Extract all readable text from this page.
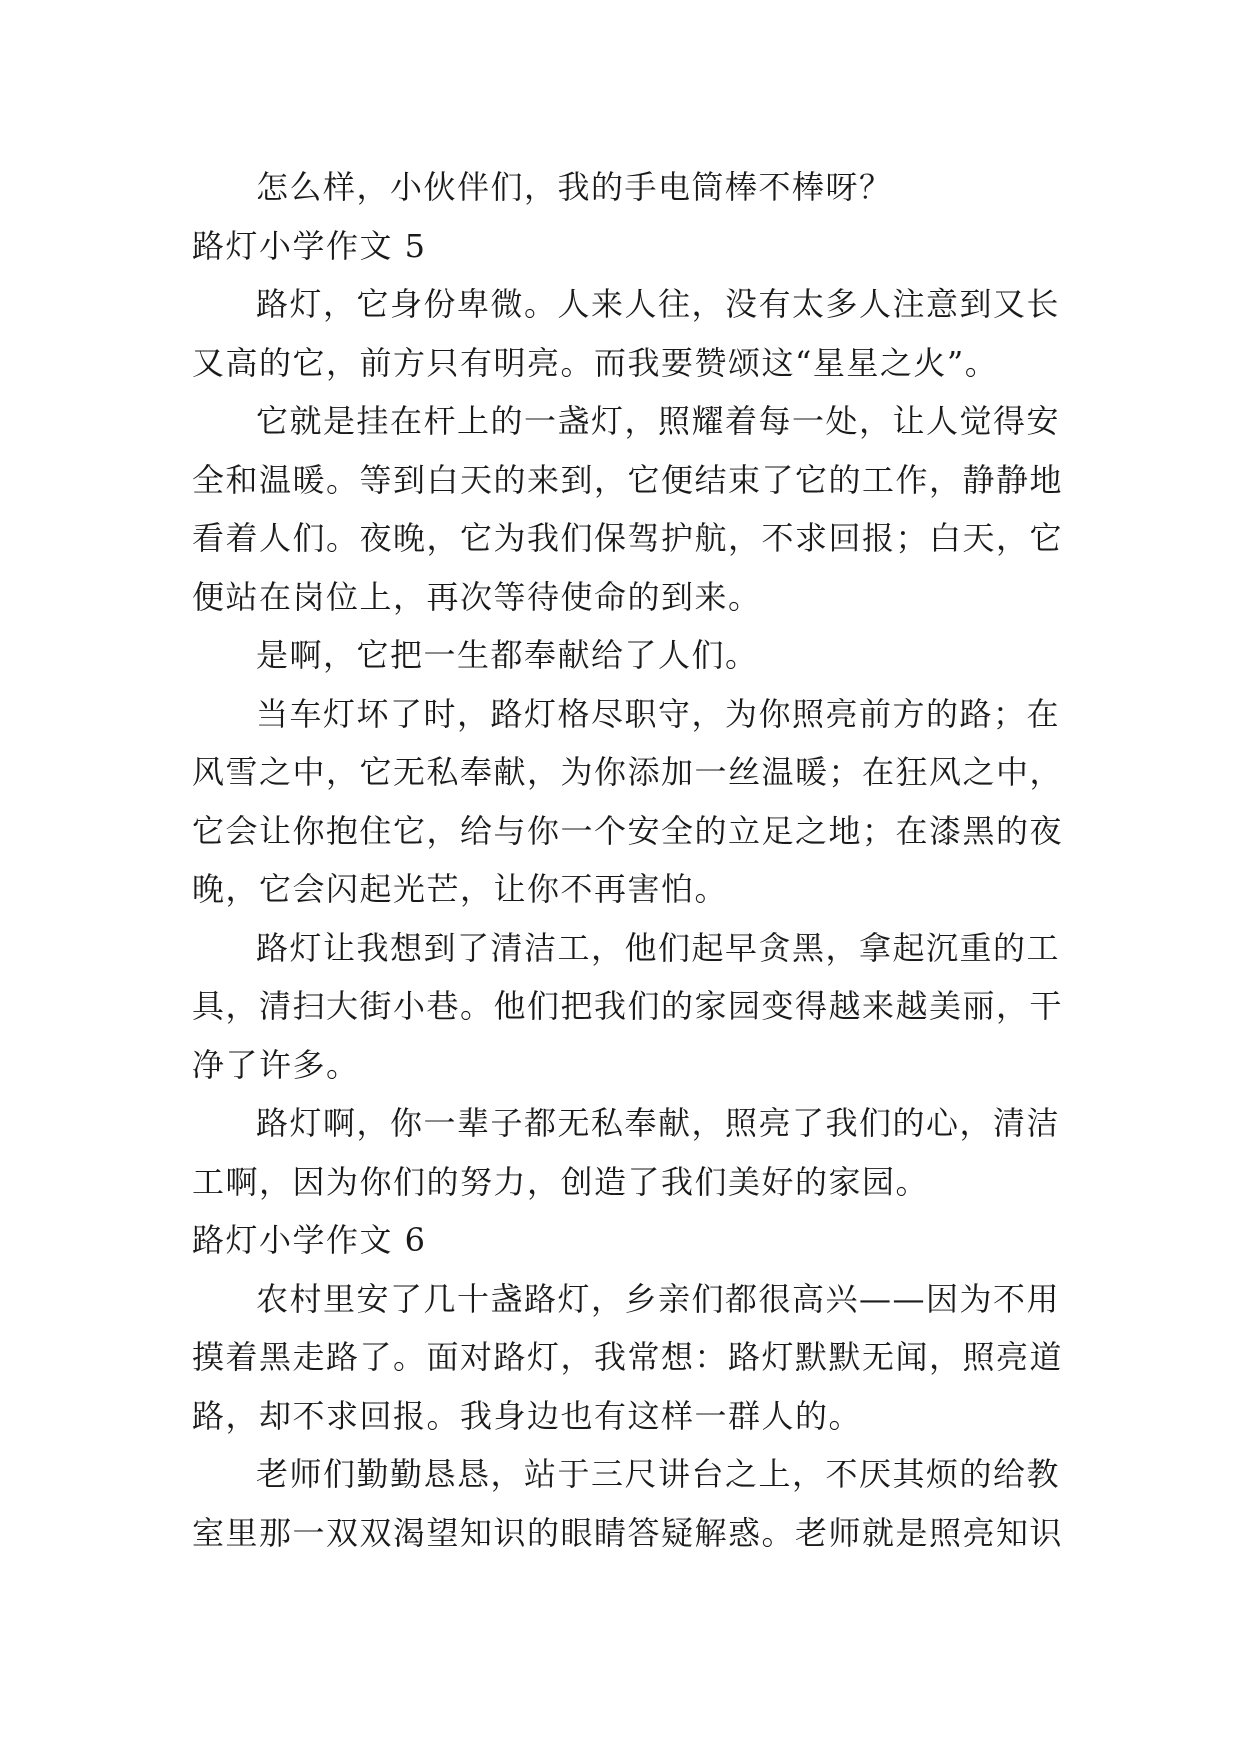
怎么样，小伙伴们，我的手电筒棒不棒呀？
路灯小学作文 5
路灯，它身份卑微。人来人往，没有太多人注意到又长
又高的它，前方只有明亮。而我要赞颂这“星星之火”。
它就是挂在杆上的一盏灯，照耀着每一处，让人觉得安
全和温暖。等到白天的来到，它便结束了它的工作，静静地
看着人们。夜晚，它为我们保驾护航，不求回报；白天，它
便站在岗位上，再次等待使命的到来。
是啊，它把一生都奉献给了人们。
当车灯坏了时，路灯格尽职守，为你照亮前方的路；在
风雪之中，它无私奉献，为你添加一丝温暖；在狂风之中，
它会让你抱住它，给与你一个安全的立足之地；在漆黑的夜
晚，它会闪起光芒，让你不再害怕。
路灯让我想到了清洁工，他们起早贪黑，拿起沉重的工
具，清扫大街小巷。他们把我们的家园变得越来越美丽，干
净了许多。
路灯啊，你一辈子都无私奉献，照亮了我们的心，清洁
工啊，因为你们的努力，创造了我们美好的家园。
路灯小学作文 6
农村里安了几十盏路灯，乡亲们都很高兴——因为不用
摸着黑走路了。面对路灯，我常想：路灯默默无闻，照亮道
路，却不求回报。我身边也有这样一群人的。
老师们勤勤恳恳，站于三尺讲台之上，不厌其烦的给教
室里那一双双渴望知识的眼睛答疑解惑。老师就是照亮知识
